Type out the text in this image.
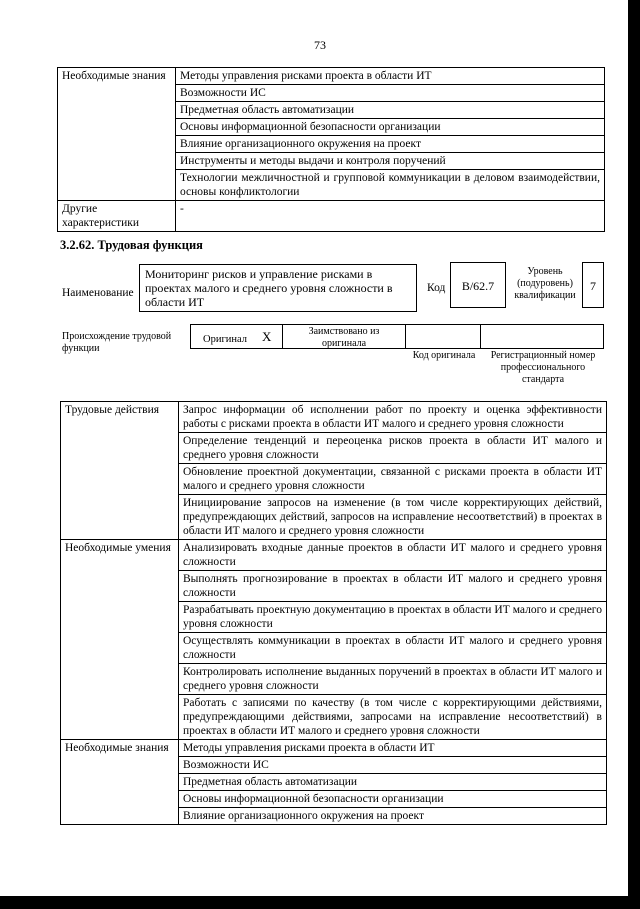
73
Необходимые знания	Методы управления рисками проекта в области ИТ
	Возможности ИС
	Предметная область автоматизации
	Основы информационной безопасности организации
	Влияние организационного окружения на проект
	Инструменты и методы выдачи и контроля поручений
	Технологии межличностной и групповой коммуникации в деловом взаимодействии, основы конфликтологии
Другие характеристики	-
3.2.62. Трудовая функция
Наименование
Мониторинг рисков и управление рисками в проектах малого и среднего уровня сложности в области ИТ
Код	B/62.7
Уровень (подуровень) квалификации
7
Происхождение трудовой функции
Оригинал X	Заимствовано из оригинала
Код оригинала	Регистрационный номер профессионального стандарта
Трудовые действия	Запрос информации об исполнении работ по проекту и оценка эффективности работы с рисками проекта в области ИТ малого и среднего уровня сложности
	Определение тенденций и переоценка рисков проекта в области ИТ малого и среднего уровня сложности
	Обновление проектной документации, связанной с рисками проекта в области ИТ малого и среднего уровня сложности
	Инициирование запросов на изменение (в том числе корректирующих действий, предупреждающих действий, запросов на исправление несоответствий) в проектах в области ИТ малого и среднего уровня сложности
Необходимые умения	Анализировать входные данные проектов в области ИТ малого и среднего уровня сложности
	Выполнять прогнозирование в проектах в области ИТ малого и среднего уровня сложности
	Разрабатывать проектную документацию в проектах в области ИТ малого и среднего уровня сложности
	Осуществлять коммуникации в проектах в области ИТ малого и среднего уровня сложности
	Контролировать исполнение выданных поручений в проектах в области ИТ малого и среднего уровня сложности
	Работать с записями по качеству (в том числе с корректирующими действиями, предупреждающими действиями, запросами на исправление несоответствий) в проектах в области ИТ малого и среднего уровня сложности
Необходимые знания	Методы управления рисками проекта в области ИТ
	Возможности ИС
	Предметная область автоматизации
	Основы информационной безопасности организации
	Влияние организационного окружения на проект
